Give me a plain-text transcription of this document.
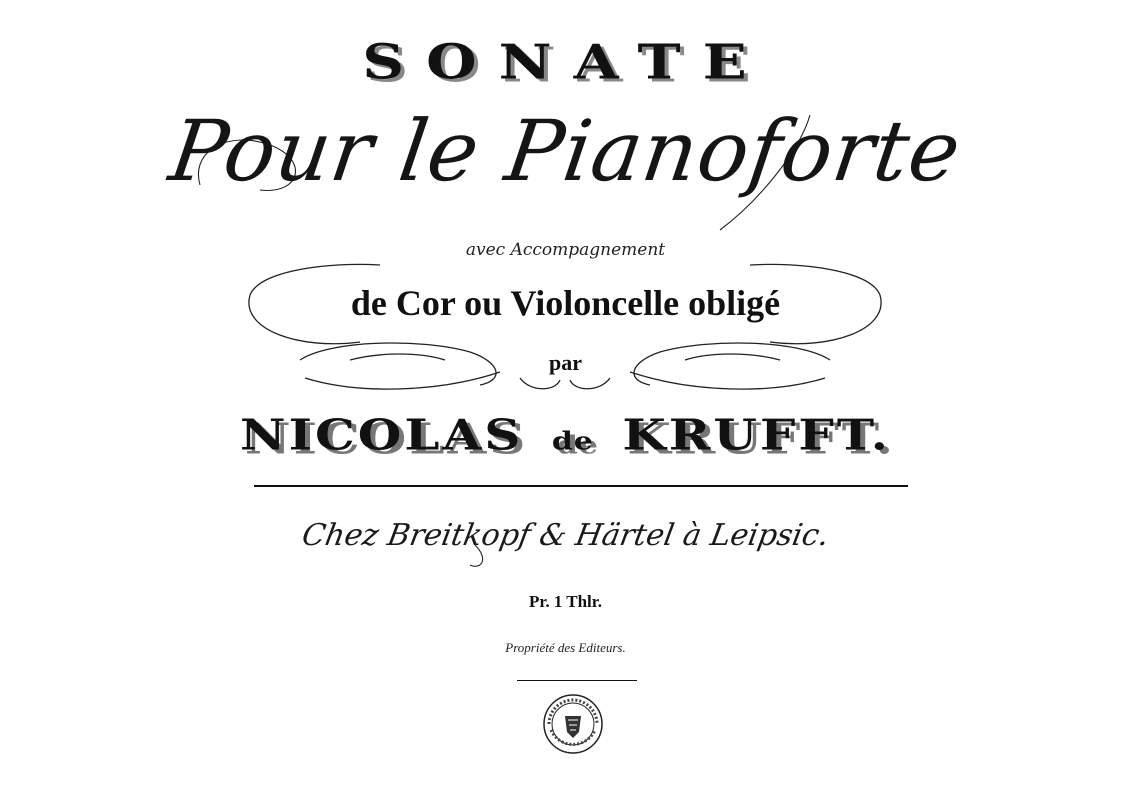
SONATE
Pour le Pianoforte
avec Accompagnement
de Cor ou Violoncelle obligé
par
NICOLAS de KRUFFT.
Chez Breitkopf & Härtel à Leipsic.
Pr. 1 Thlr.
Propriété des Editeurs.
